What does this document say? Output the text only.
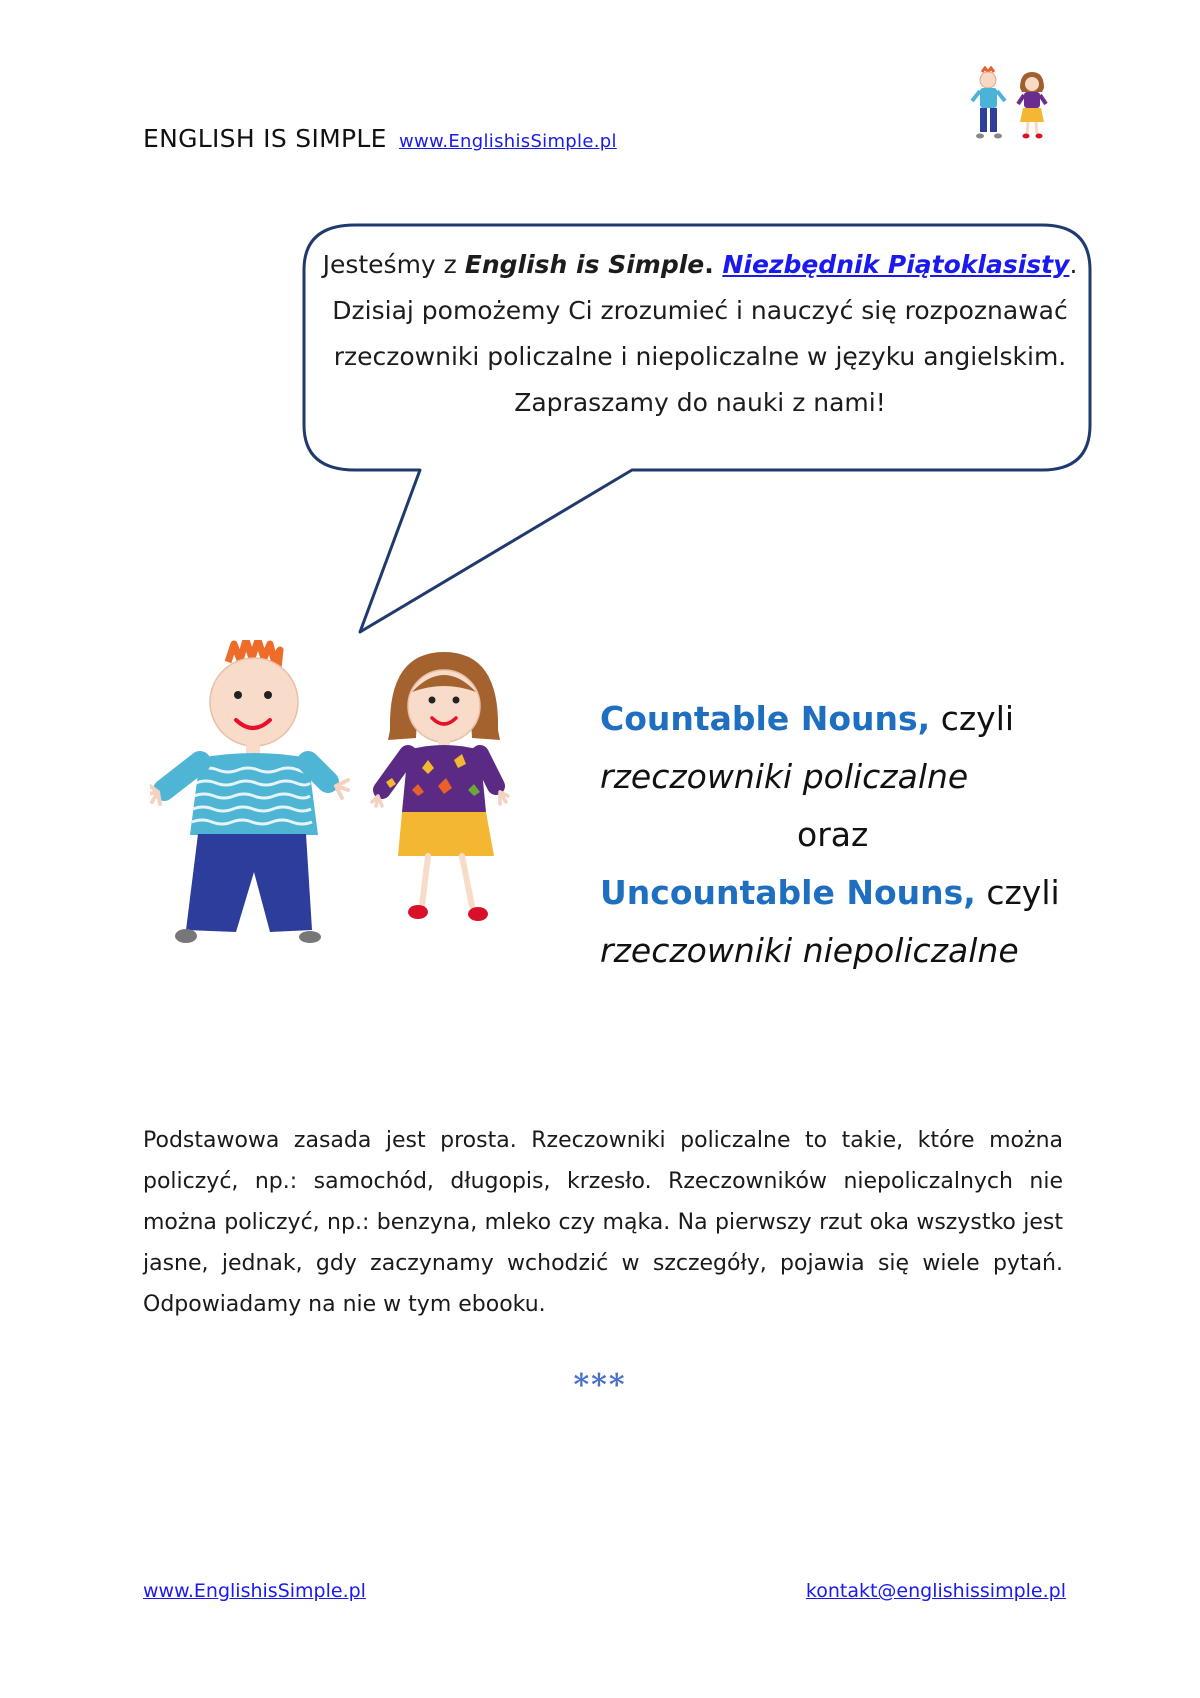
ENGLISH IS SIMPLE www.EnglishisSimple.pl
Jesteśmy z English is Simple. Niezbędnik Piątoklasisty. Dzisiaj pomożemy Ci zrozumieć i nauczyć się rozpoznawać rzeczowniki policzalne i niepoliczalne w języku angielskim. Zapraszamy do nauki z nami!
Countable Nouns, czyli
rzeczowniki policzalne
oraz
Uncountable Nouns, czyli
rzeczowniki niepoliczalne

Podstawowa zasada jest prosta. Rzeczowniki policzalne to takie, które można policzyć, np.: samochód, długopis, krzesło. Rzeczowników niepoliczalnych nie można policzyć, np.: benzyna, mleko czy mąka. Na pierwszy rzut oka wszystko jest jasne, jednak, gdy zaczynamy wchodzić w szczegóły, pojawia się wiele pytań. Odpowiadamy na nie w tym ebooku.

***
www.EnglishisSimple.pl	kontakt@englishissimple.pl
